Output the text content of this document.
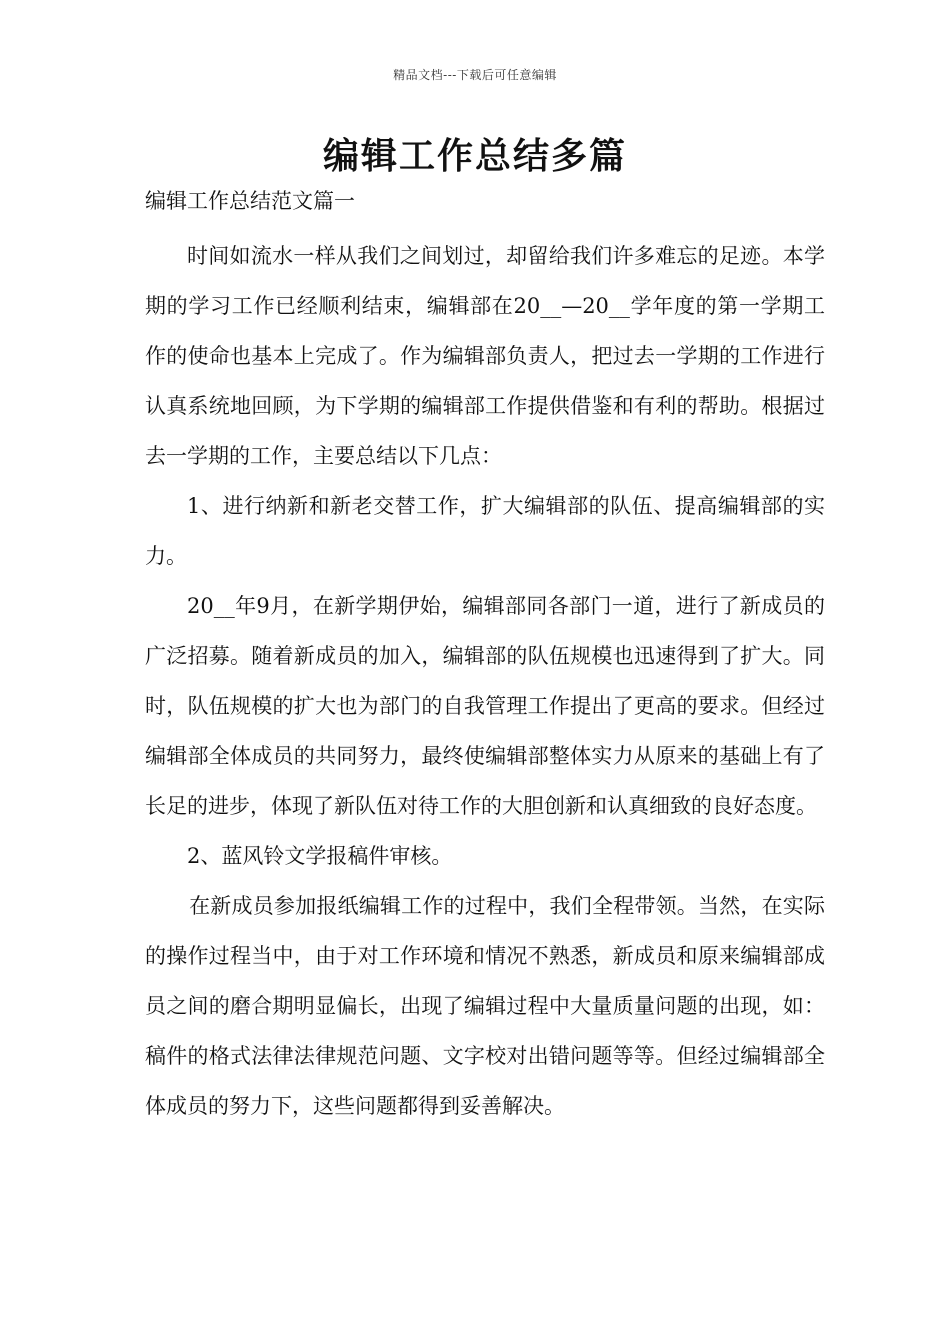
精品文档---下载后可任意编辑
编辑工作总结多篇
编辑工作总结范文篇一

时间如流水一样从我们之间划过，却留给我们许多难忘的足迹。本学期的学习工作已经顺利结束，编辑部在20__—20__学年度的第一学期工作的使命也基本上完成了。作为编辑部负责人，把过去一学期的工作进行认真系统地回顾，为下学期的编辑部工作提供借鉴和有利的帮助。根据过去一学期的工作，主要总结以下几点：

1、进行纳新和新老交替工作，扩大编辑部的队伍、提高编辑部的实力。

20__年9月，在新学期伊始，编辑部同各部门一道，进行了新成员的广泛招募。随着新成员的加入，编辑部的队伍规模也迅速得到了扩大。同时，队伍规模的扩大也为部门的自我管理工作提出了更高的要求。但经过编辑部全体成员的共同努力，最终使编辑部整体实力从原来的基础上有了长足的进步，体现了新队伍对待工作的大胆创新和认真细致的良好态度。

2、蓝风铃文学报稿件审核。

在新成员参加报纸编辑工作的过程中，我们全程带领。当然，在实际的操作过程当中，由于对工作环境和情况不熟悉，新成员和原来编辑部成员之间的磨合期明显偏长，出现了编辑过程中大量质量问题的出现，如：稿件的格式法律法律规范问题、文字校对出错问题等等。但经过编辑部全体成员的努力下，这些问题都得到妥善解决。
